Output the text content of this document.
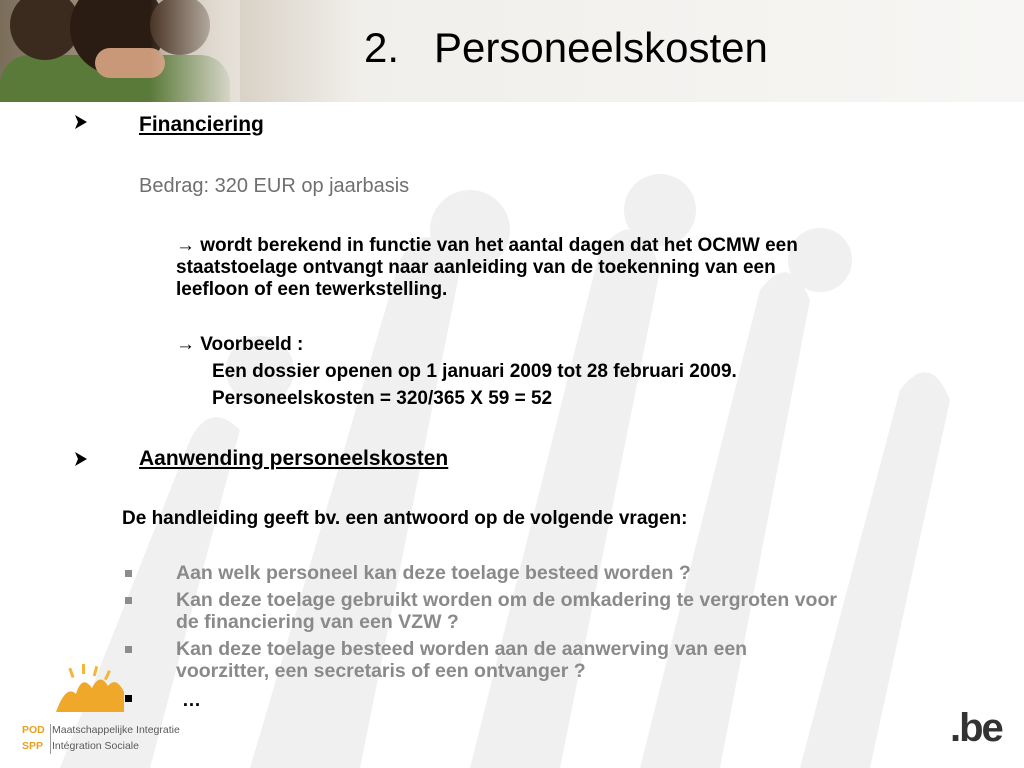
2. Personeelskosten
Financiering
Bedrag: 320 EUR op jaarbasis
→ wordt berekend in functie van het aantal dagen dat het OCMW een
staatstoelage ontvangt naar aanleiding van de toekenning van een
leefloon of een tewerkstelling.
→ Voorbeeld :
Een dossier openen op 1 januari 2009 tot 28 februari 2009.
Personeelskosten = 320/365 X 59 = 52
Aanwending personeelskosten
De handleiding geeft bv. een antwoord op de volgende vragen:
Aan welk personeel kan deze toelage besteed worden ?
Kan deze toelage gebruikt worden om de omkadering te vergroten voor
de financiering van een VZW ?
Kan deze toelage besteed worden aan de aanwerving van een
voorzitter, een secretaris of een ontvanger ?
…
POD Maatschappelijke Integratie
SPP Intégration Sociale	.be
